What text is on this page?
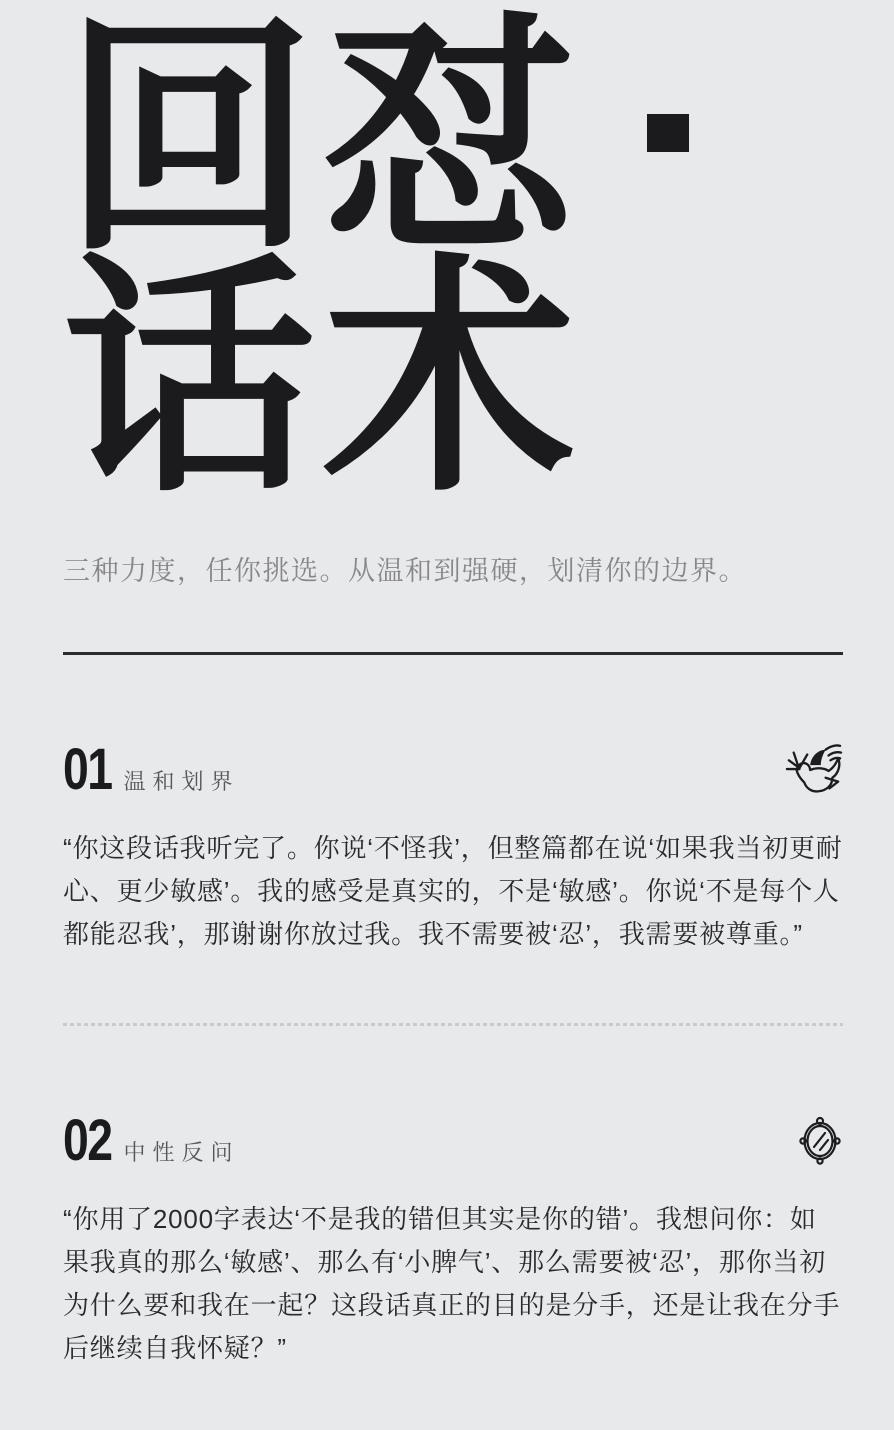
回怼
话术

三种力度，任你挑选。从温和到强硬，划清你的边界。

01 温和划界

“你这段话我听完了。你说‘不怪我’，但整篇都在说‘如果我当初更耐心、更少敏感’。我的感受是真实的，不是‘敏感’。你说‘不是每个人都能忍我’，那谢谢你放过我。我不需要被‘忍’，我需要被尊重。”

02 中性反问

“你用了2000字表达‘不是我的错但其实是你的错’。我想问你：如果我真的那么‘敏感’、那么有‘小脾气’、那么需要被‘忍’，那你当初为什么要和我在一起？这段话真正的目的是分手，还是让我在分手后继续自我怀疑？”
